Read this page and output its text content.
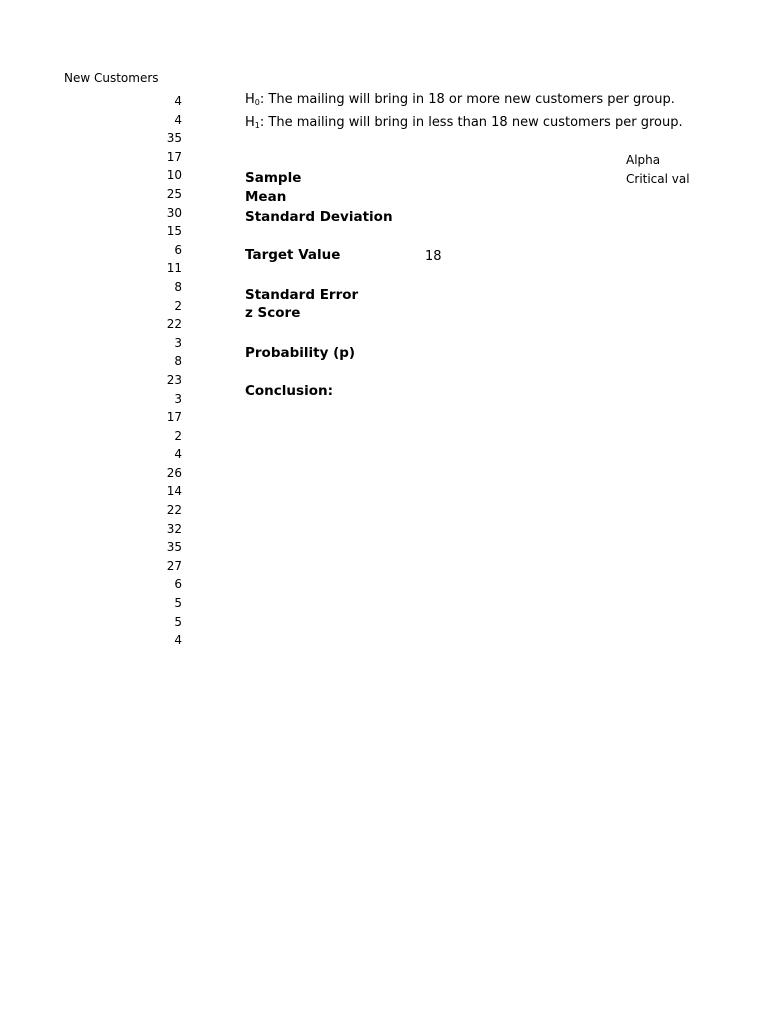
New Customers
4
4
35
17
10
25
30
15
6
11
8
2
22
3
8
23
3
17
2
4
26
14
22
32
35
27
6
5
5
4
$H_0$: The mailing will bring in 18 or more new customers per group.
$H_1$: The mailing will bring in less than 18 new customers per group.
Sample
Mean
Standard Deviation
Target Value	18
Standard Error
z Score
Probability (p)
Conclusion:
Alpha
Critical val
